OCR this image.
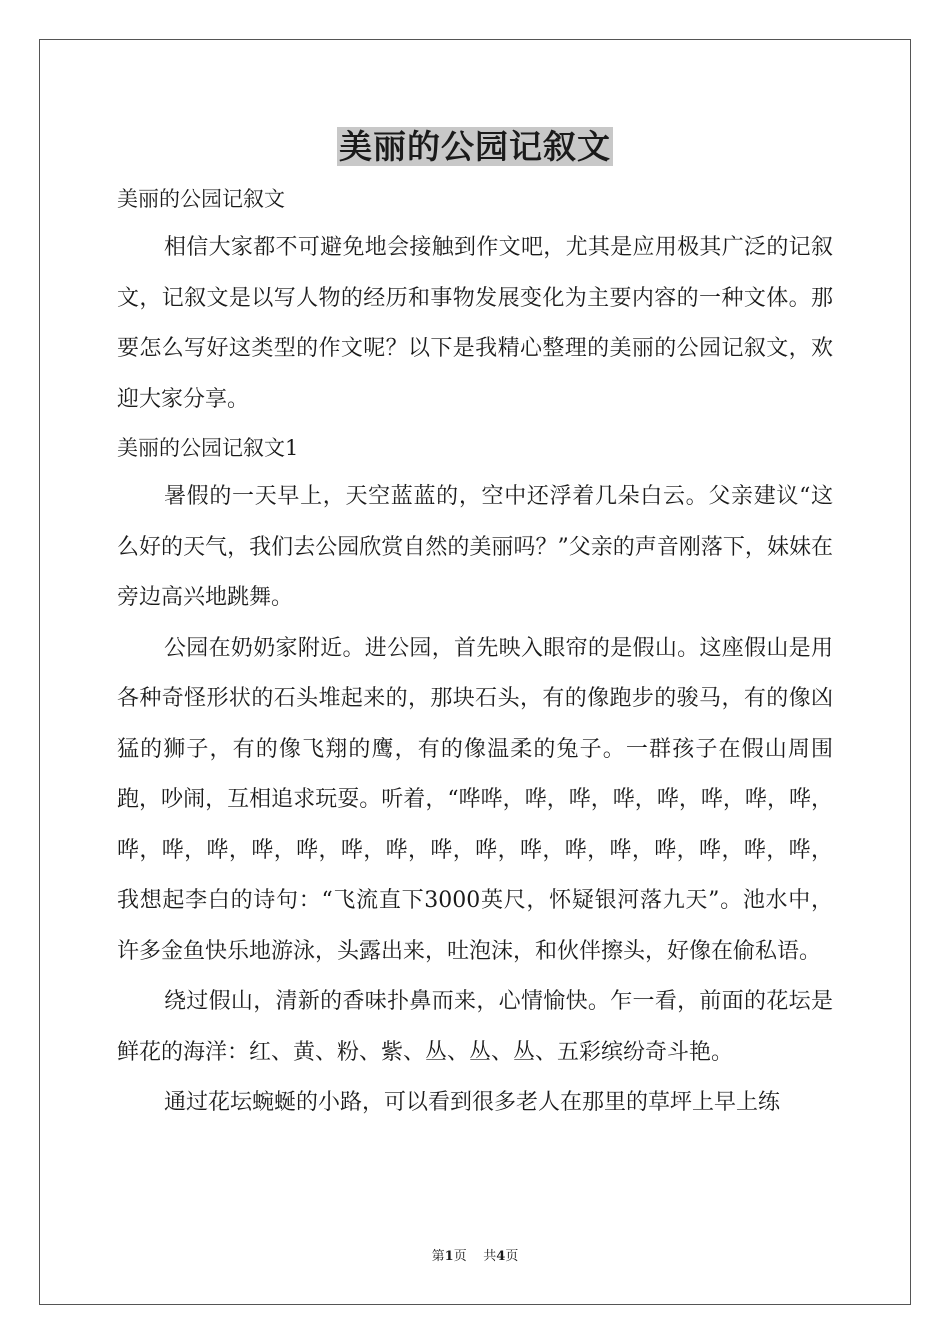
美丽的公园记叙文

美丽的公园记叙文

相信大家都不可避免地会接触到作文吧，尤其是应用极其广泛的记叙文，记叙文是以写人物的经历和事物发展变化为主要内容的一种文体。那要怎么写好这类型的作文呢？以下是我精心整理的美丽的公园记叙文，欢迎大家分享。

美丽的公园记叙文1

暑假的一天早上，天空蓝蓝的，空中还浮着几朵白云。父亲建议“这么好的天气，我们去公园欣赏自然的美丽吗？”父亲的声音刚落下，妹妹在旁边高兴地跳舞。

公园在奶奶家附近。进公园，首先映入眼帘的是假山。这座假山是用各种奇怪形状的石头堆起来的，那块石头，有的像跑步的骏马，有的像凶猛的狮子，有的像飞翔的鹰，有的像温柔的兔子。一群孩子在假山周围跑，吵闹，互相追求玩耍。听着，“哗哗，哗，哗，哗，哗，哗，哗，哗，哗，哗，哗，哗，哗，哗，哗，哗，哗，哗，哗，哗，哗，哗，哗，哗，我想起李白的诗句：“飞流直下3000英尺，怀疑银河落九天”。池水中，许多金鱼快乐地游泳，头露出来，吐泡沫，和伙伴擦头，好像在偷私语。

绕过假山，清新的香味扑鼻而来，心情愉快。乍一看，前面的花坛是鲜花的海洋：红、黄、粉、紫、丛、丛、丛、五彩缤纷奇斗艳。

通过花坛蜿蜒的小路，可以看到很多老人在那里的草坪上早上练

第1页 共4页
